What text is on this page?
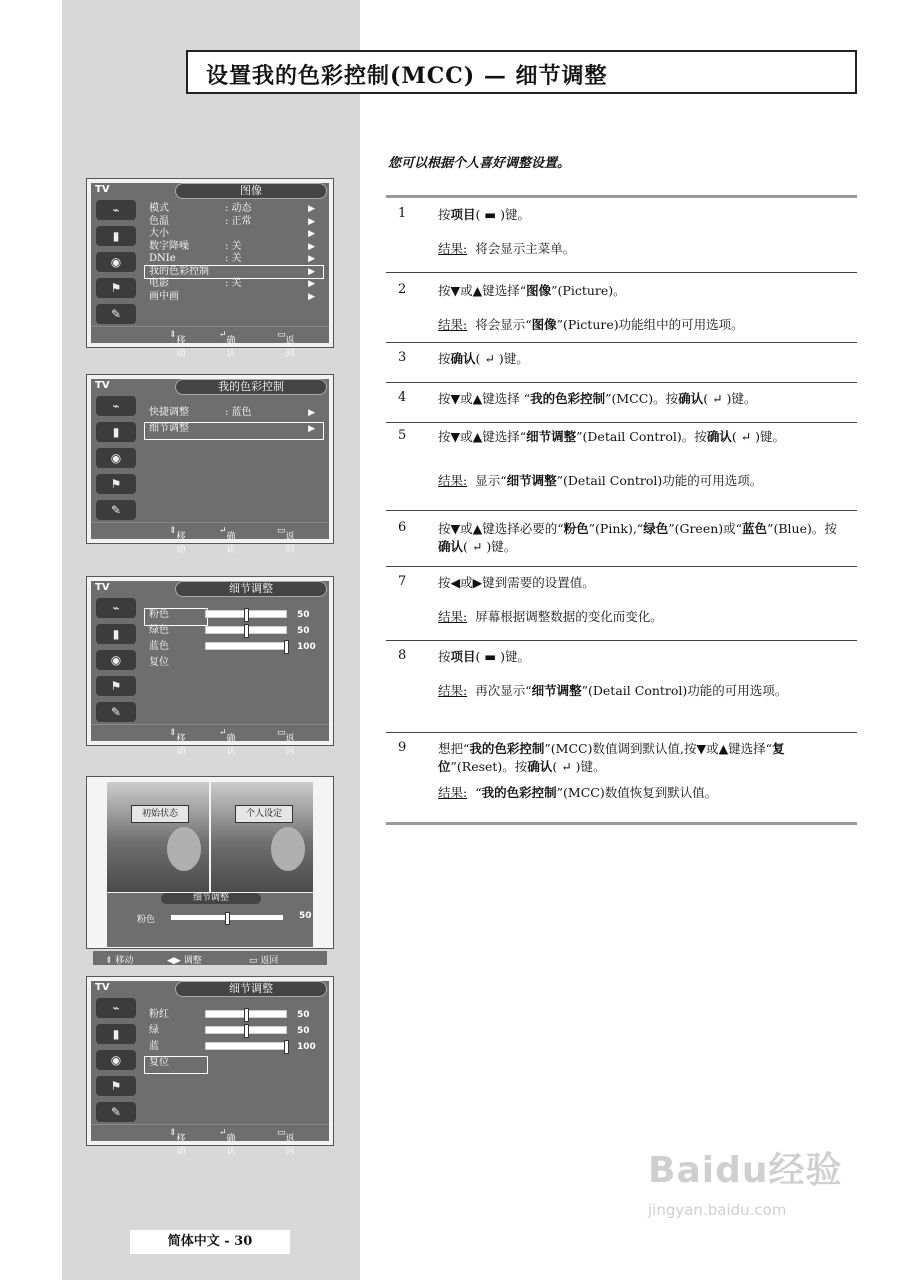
设置我的色彩控制(MCC) — 细节调整
您可以根据个人喜好调整设置。
TV	图像
⌁
▮
◉
⚑
✎
模式	: 动态	▶
色温	: 正常	▶
大小	▶
数字降噪	: 关	▶
DNIe	: 关	▶
我的色彩控制	▶
电影	: 关	▶
画中画	▶
⇕
移动
↵
确认
▭
返回
TV	我的色彩控制
⌁
▮
◉
⚑
✎
快捷调整	: 蓝色	▶
细节调整	▶
⇕
移动
↵
确认
▭
返回
TV	细节调整
⌁
▮
◉
⚑
✎
粉色	50
绿色	50
蓝色	100
复位
⇕
移动
↵
确认
▭
返回
初始状态	个人设定
细节调整
粉色	50
⇕ 移动	◀▶ 调整	▭ 返回
TV	细节调整
⌁
▮
◉
⚑
✎
粉红	50
绿	50
蓝	100
复位
⇕
移动
↵
确认
▭
返回
简体中文 - 30
1	按项目( ▬ )键。
结果: 将会显示主菜单。
2	按▼或▲键选择“图像”(Picture)。
结果: 将会显示“图像”(Picture)功能组中的可用选项。
3	按确认( ↵ )键。
4	按▼或▲键选择 “我的色彩控制”(MCC)。按确认( ↵ )键。
5	按▼或▲键选择“细节调整”(Detail Control)。按确认( ↵ )键。
结果: 显示“细节调整”(Detail Control)功能的可用选项。
6	按▼或▲键选择必要的“粉色”(Pink),“绿色”(Green)或“蓝色”(Blue)。按确认( ↵ )键。
7	按◀或▶键到需要的设置值。
结果: 屏幕根据调整数据的变化而变化。
8	按项目( ▬ )键。
结果: 再次显示“细节调整”(Detail Control)功能的可用选项。
9	想把“我的色彩控制”(MCC)数值调到默认值,按▼或▲键选择“复位”(Reset)。按确认( ↵ )键。
结果: “我的色彩控制”(MCC)数值恢复到默认值。
Baidu经验
jingyan.baidu.com
